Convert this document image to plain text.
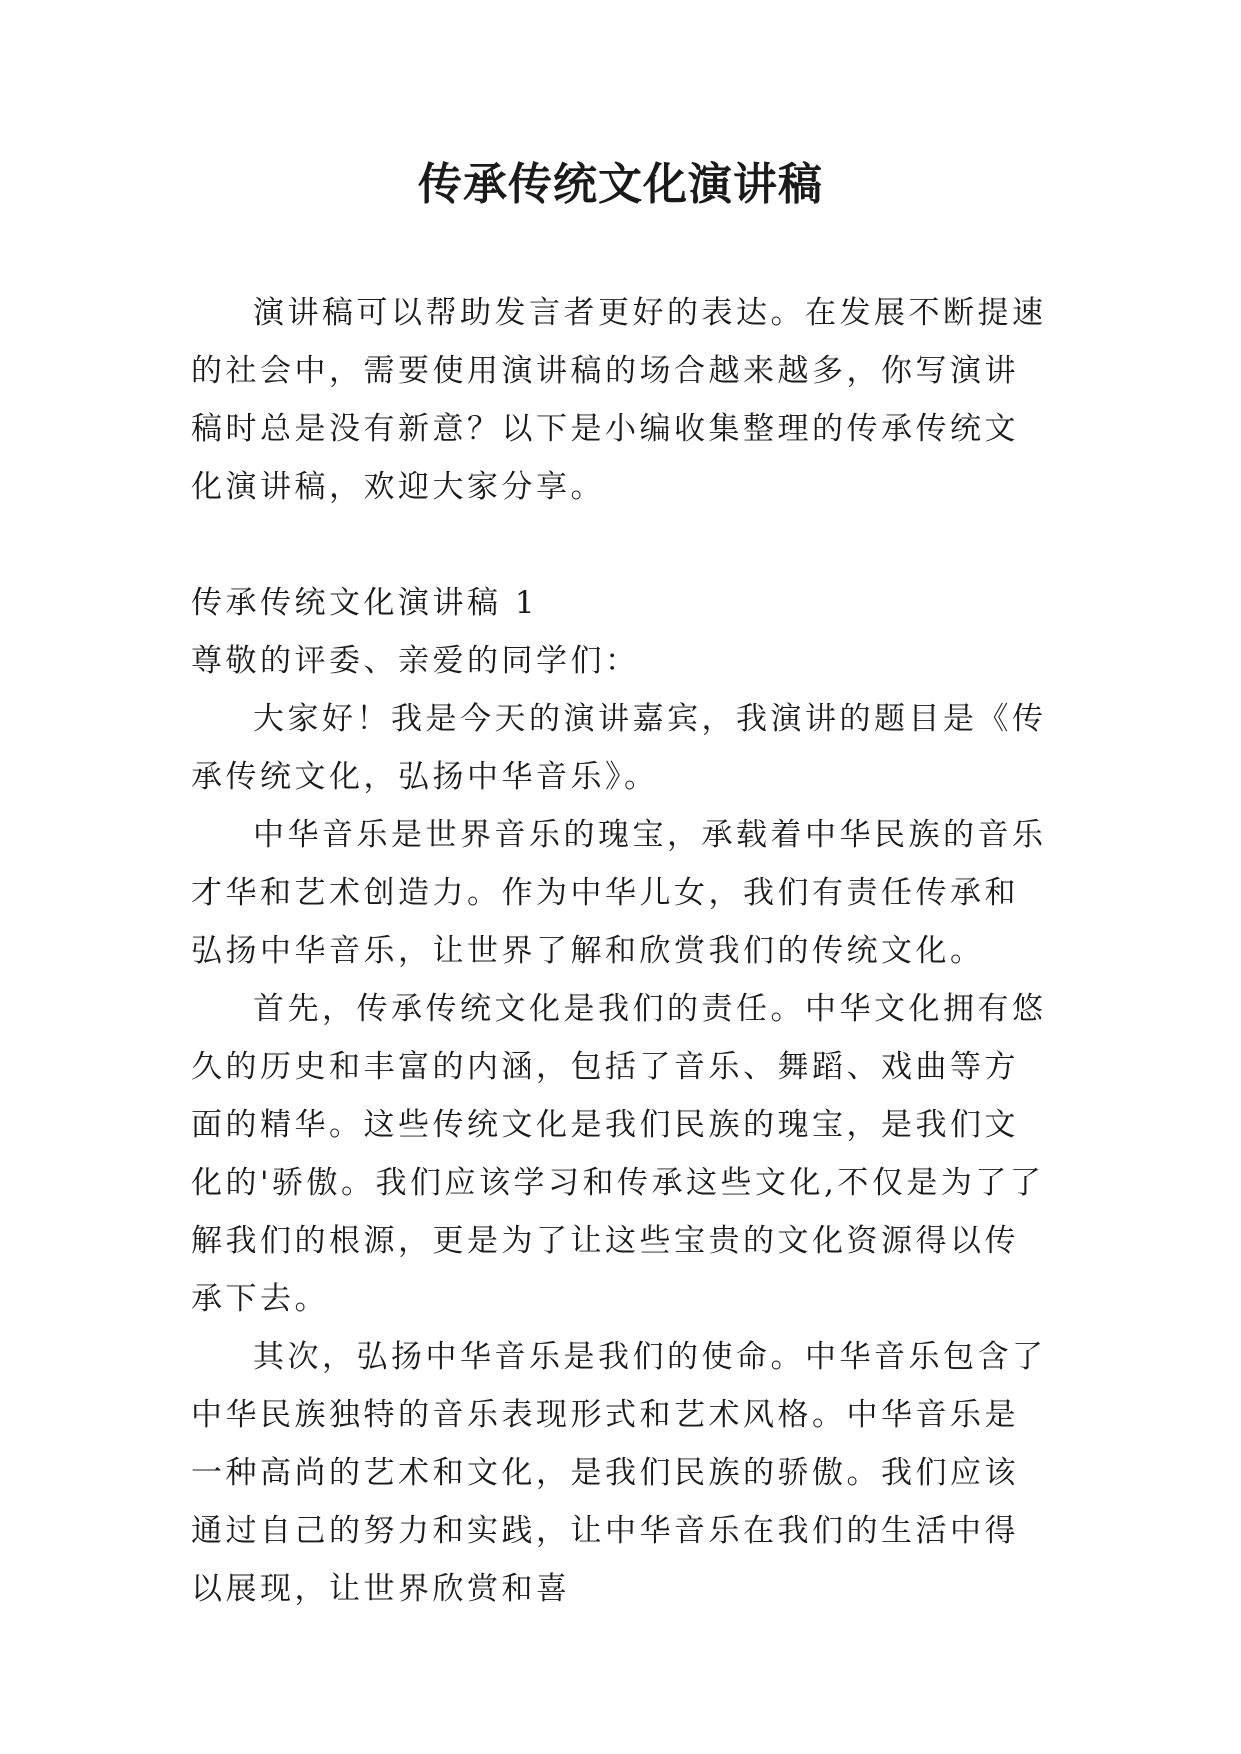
传承传统文化演讲稿

演讲稿可以帮助发言者更好的表达。在发展不断提速的社会中，需要使用演讲稿的场合越来越多，你写演讲稿时总是没有新意？以下是小编收集整理的传承传统文化演讲稿，欢迎大家分享。

传承传统文化演讲稿 1

尊敬的评委、亲爱的同学们：

大家好！我是今天的演讲嘉宾，我演讲的题目是《传承传统文化，弘扬中华音乐》。

中华音乐是世界音乐的瑰宝，承载着中华民族的音乐才华和艺术创造力。作为中华儿女，我们有责任传承和弘扬中华音乐，让世界了解和欣赏我们的传统文化。

首先，传承传统文化是我们的责任。中华文化拥有悠久的历史和丰富的内涵，包括了音乐、舞蹈、戏曲等方面的精华。这些传统文化是我们民族的瑰宝，是我们文化的'骄傲。我们应该学习和传承这些文化,不仅是为了了解我们的根源，更是为了让这些宝贵的文化资源得以传承下去。

其次，弘扬中华音乐是我们的使命。中华音乐包含了中华民族独特的音乐表现形式和艺术风格。中华音乐是一种高尚的艺术和文化，是我们民族的骄傲。我们应该通过自己的努力和实践，让中华音乐在我们的生活中得以展现，让世界欣赏和喜
